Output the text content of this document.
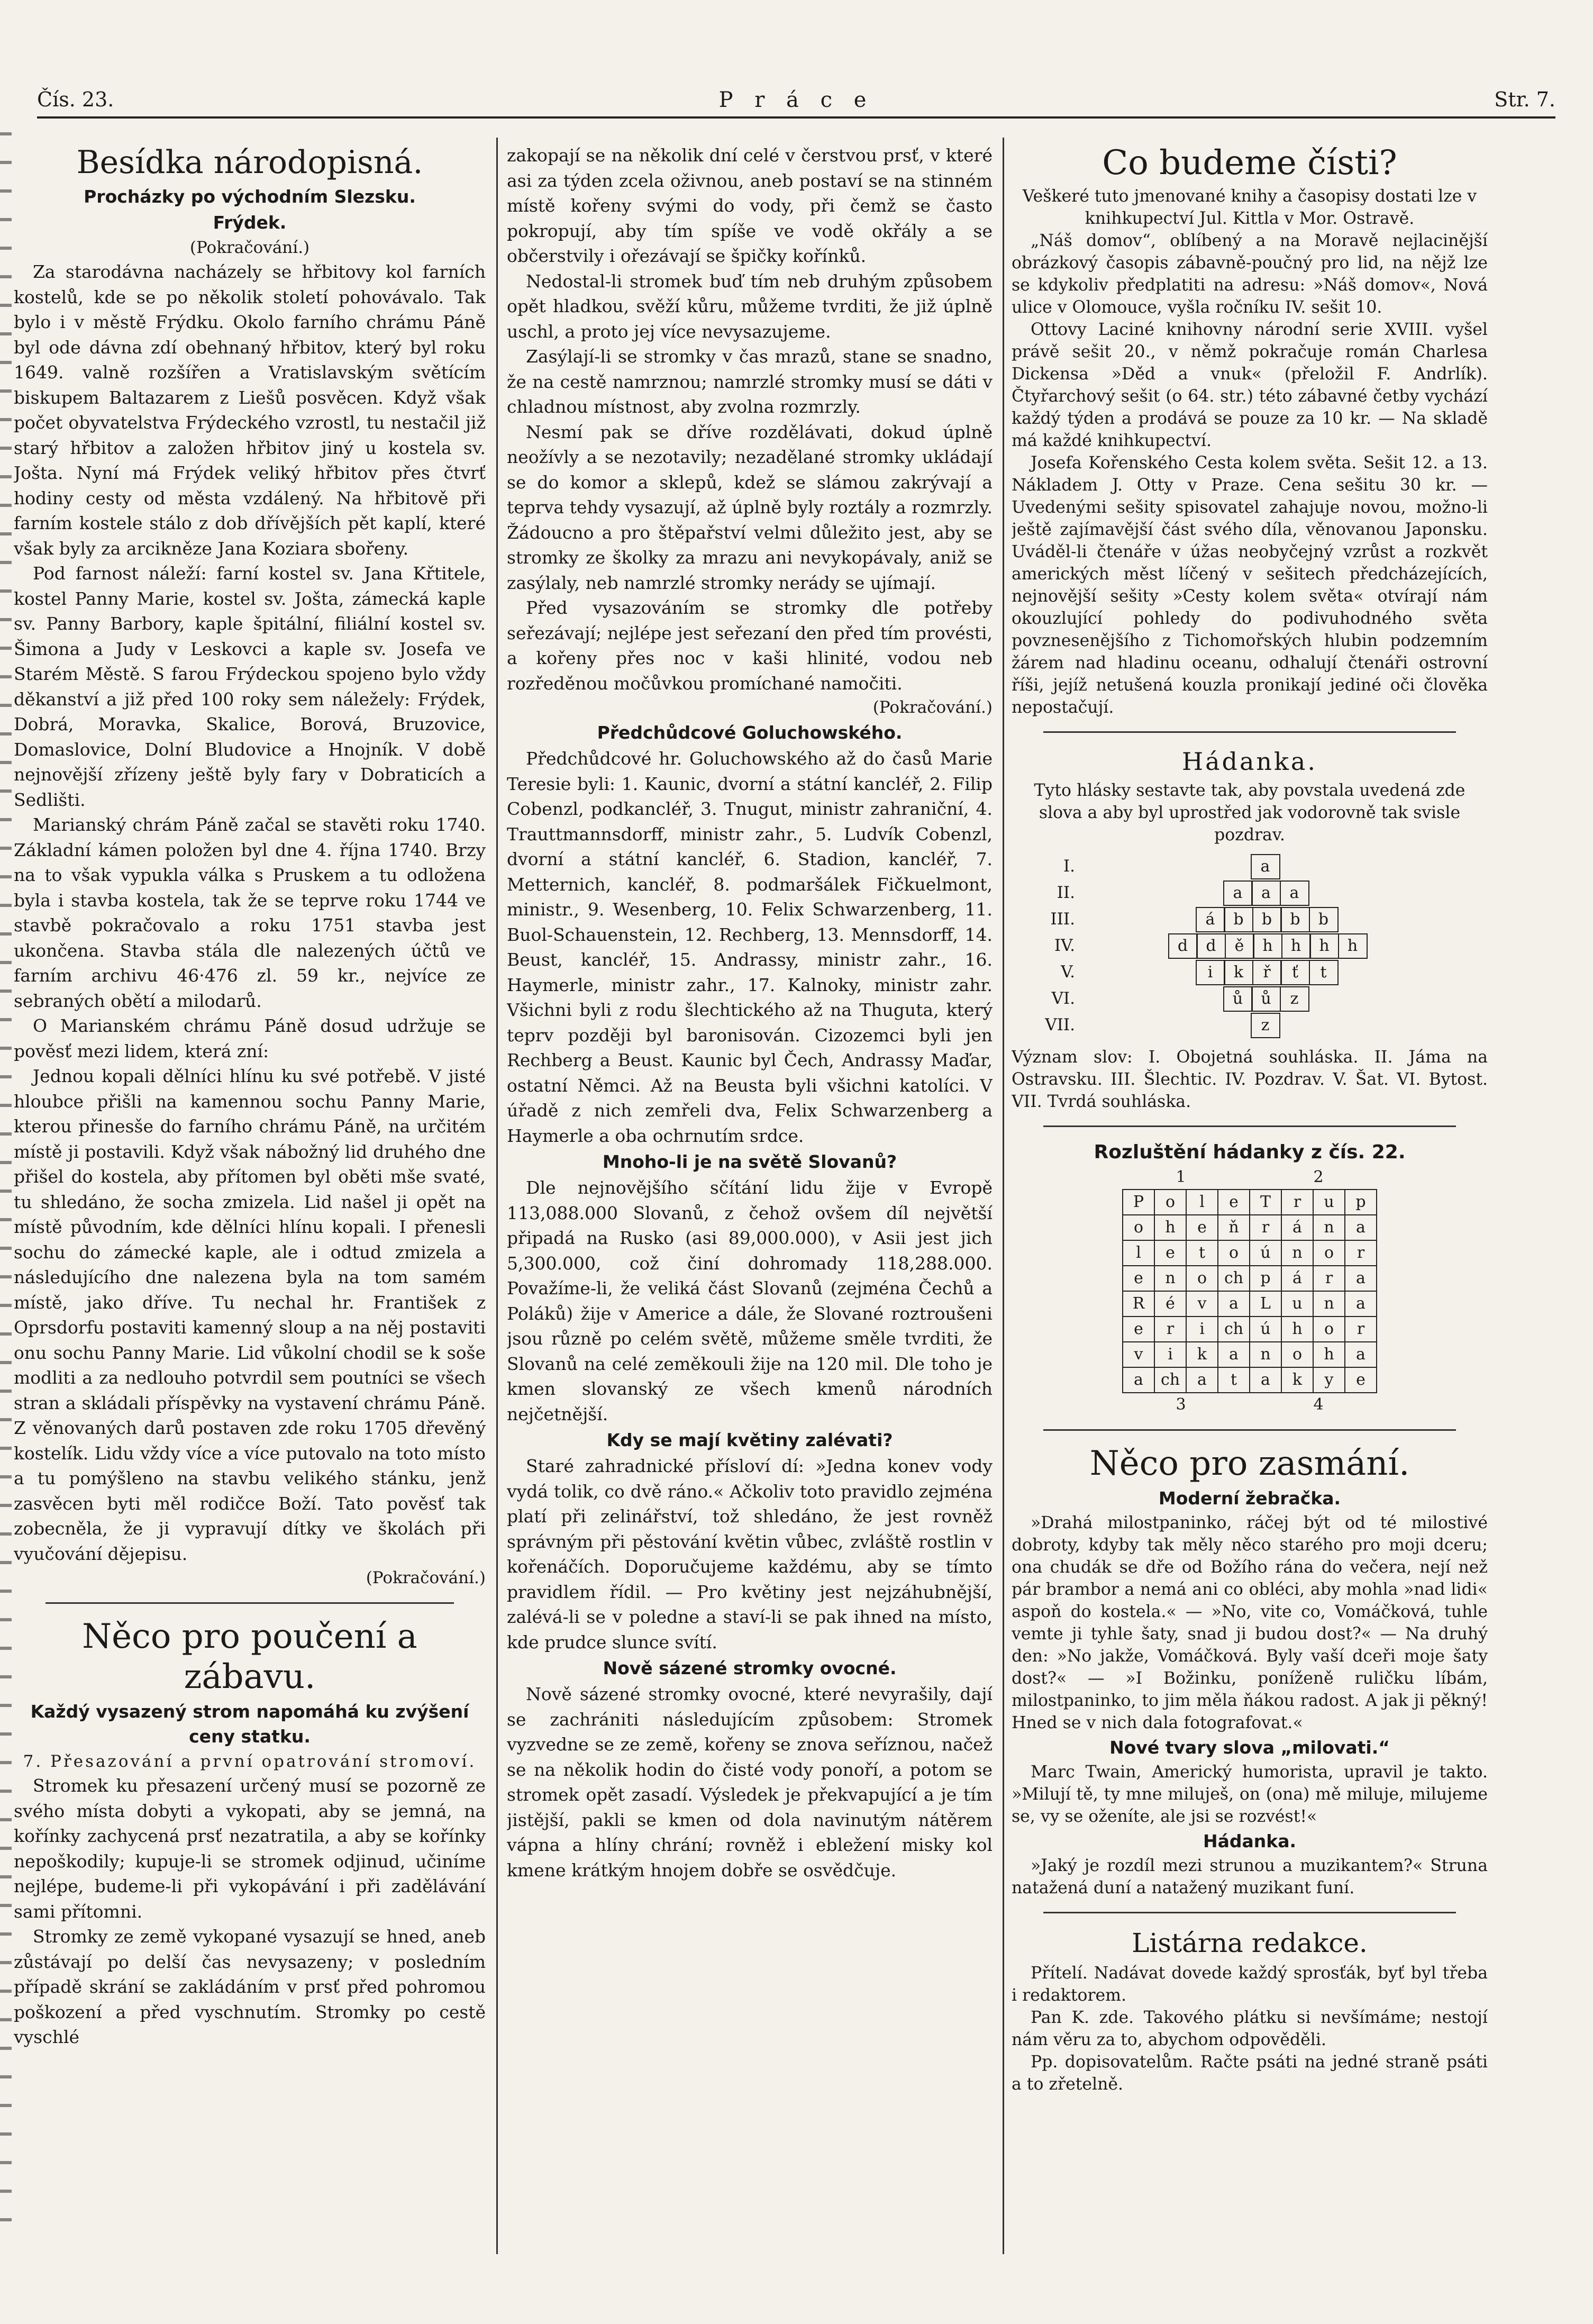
Čís. 23.	P r á c e	Str. 7.
Besídka národopisná.
Procházky po východním Slezsku.
Frýdek.
(Pokračování.)

Za starodávna nacházely se hřbitovy kol farních kostelů, kde se po několik století pohovávalo. Tak bylo i v městě Frýdku. Okolo farního chrámu Páně byl ode dávna zdí obehnaný hřbitov, který byl roku 1649. valně rozšířen a Vratislavským světícím biskupem Baltazarem z Liešů posvěcen. Když však počet obyvatelstva Frýdeckého vzrostl, tu nestačil již starý hřbitov a založen hřbitov jiný u kostela sv. Jošta. Nyní má Frýdek veliký hřbitov přes čtvrť hodiny cesty od města vzdálený. Na hřbitově při farním kostele stálo z dob dřívějších pět kaplí, které však byly za arcikněze Jana Koziara sbořeny.

Pod farnost náleží: farní kostel sv. Jana Křtitele, kostel Panny Marie, kostel sv. Jošta, zámecká kaple sv. Panny Barbory, kaple špitální, filiální kostel sv. Šimona a Judy v Leskovci a kaple sv. Josefa ve Starém Městě. S farou Frýdeckou spojeno bylo vždy děkanství a již před 100 roky sem náležely: Frýdek, Dobrá, Moravka, Skalice, Borová, Bruzovice, Domaslovice, Dolní Bludovice a Hnojník. V době nejnovější zřízeny ještě byly fary v Dobraticích a Sedlišti.

Marianský chrám Páně začal se stavěti roku 1740. Základní kámen položen byl dne 4. října 1740. Brzy na to však vypukla válka s Pruskem a tu odložena byla i stavba kostela, tak že se teprve roku 1744 ve stavbě pokračovalo a roku 1751 stavba jest ukončena. Stavba stála dle nalezených účtů ve farním archivu 46·476 zl. 59 kr., nejvíce ze sebraných obětí a milodarů.

O Marianském chrámu Páně dosud udržuje se pověsť mezi lidem, která zní:

Jednou kopali dělníci hlínu ku své potřebě. V jisté hloubce přišli na kamennou sochu Panny Marie, kterou přinesše do farního chrámu Páně, na určitém místě ji postavili. Když však nábožný lid druhého dne přišel do kostela, aby přítomen byl oběti mše svaté, tu shledáno, že socha zmizela. Lid našel ji opět na místě původním, kde dělníci hlínu kopali. I přenesli sochu do zámecké kaple, ale i odtud zmizela a následujícího dne nalezena byla na tom samém místě, jako dříve. Tu nechal hr. František z Oprsdorfu postaviti kamenný sloup a na něj postaviti onu sochu Panny Marie. Lid vůkolní chodil se k soše modliti a za nedlouho potvrdil sem poutníci se všech stran a skládali příspěvky na vystavení chrámu Páně. Z věnovaných darů postaven zde roku 1705 dřevěný kostelík. Lidu vždy více a více putovalo na toto místo a tu pomýšleno na stavbu velikého stánku, jenž zasvěcen byti měl rodičce Boží. Tato pověsť tak zobecněla, že ji vypravují dítky ve školách při vyučování dějepisu.

(Pokračování.)
Něco pro poučení a zábavu.
Každý vysazený strom napomáhá ku zvýšení ceny statku.
7. Přesazování a první opatrování stromoví.

Stromek ku přesazení určený musí se pozorně ze svého místa dobyti a vykopati, aby se jemná, na kořínky zachycená prsť nezatratila, a aby se kořínky nepoškodily; kupuje-li se stromek odjinud, učiníme nejlépe, budeme-li při vykopávání i při zadělávání sami přítomni.

Stromky ze země vykopané vysazují se hned, aneb zůstávají po delší čas nevysazeny; v posledním případě skrání se zakládáním v prsť před pohromou poškození a před vyschnutím. Stromky po cestě vyschlé

zakopají se na několik dní celé v čerstvou prsť, v které asi za týden zcela oživnou, aneb postaví se na stinném místě kořeny svými do vody, při čemž se často pokropují, aby tím spíše ve vodě okřály a se občerstvily i ořezávají se špičky kořínků.

Nedostal-li stromek buď tím neb druhým způsobem opět hladkou, svěží kůru, můžeme tvrditi, že již úplně uschl, a proto jej více nevysazujeme.

Zasýlají-li se stromky v čas mrazů, stane se snadno, že na cestě namrznou; namrzlé stromky musí se dáti v chladnou místnost, aby zvolna rozmrzly.

Nesmí pak se dříve rozdělávati, dokud úplně neožívly a se nezotavily; nezadělané stromky ukládají se do komor a sklepů, kdež se slámou zakrývají a teprva tehdy vysazují, až úplně byly roztály a rozmrzly. Žádoucno a pro štěpařství velmi důležito jest, aby se stromky ze školky za mrazu ani nevykopávaly, aniž se zasýlaly, neb namrzlé stromky nerády se ujímají.

Před vysazováním se stromky dle potřeby seřezávají; nejlépe jest seřezaní den před tím provésti, a kořeny přes noc v kaši hlinité, vodou neb rozředěnou močůvkou promíchané namočiti.

(Pokračování.)
Předchůdcové Goluchowského.

Předchůdcové hr. Goluchowského až do časů Marie Teresie byli: 1. Kaunic, dvorní a státní kancléř, 2. Filip Cobenzl, podkancléř, 3. Tnugut, ministr zahraniční, 4. Trauttmannsdorff, ministr zahr., 5. Ludvík Cobenzl, dvorní a státní kancléř, 6. Stadion, kancléř, 7. Metternich, kancléř, 8. podmaršálek Fičkuelmont, ministr., 9. Wesenberg, 10. Felix Schwarzenberg, 11. Buol-Schauenstein, 12. Rechberg, 13. Mennsdorff, 14. Beust, kancléř, 15. Andrassy, ministr zahr., 16. Haymerle, ministr zahr., 17. Kalnoky, ministr zahr. Všichni byli z rodu šlechtického až na Thuguta, který teprv později byl baronisován. Cizozemci byli jen Rechberg a Beust. Kaunic byl Čech, Andrassy Maďar, ostatní Němci. Až na Beusta byli všichni katolíci. V úřadě z nich zemřeli dva, Felix Schwarzenberg a Haymerle a oba ochrnutím srdce.

Mnoho-li je na světě Slovanů?

Dle nejnovějšího sčítání lidu žije v Evropě 113,088.000 Slovanů, z čehož ovšem díl největší připadá na Rusko (asi 89,000.000), v Asii jest jich 5,300.000, což činí dohromady 118,288.000. Považíme-li, že veliká část Slovanů (zejména Čechů a Poláků) žije v Americe a dále, že Slované roztroušeni jsou různě po celém světě, můžeme směle tvrditi, že Slovanů na celé zeměkouli žije na 120 mil. Dle toho je kmen slovanský ze všech kmenů národních nejčetnější.

Kdy se mají květiny zalévati?

Staré zahradnické přísloví dí: »Jedna konev vody vydá tolik, co dvě ráno.« Ačkoliv toto pravidlo zejména platí při zelinářství, tož shledáno, že jest rovněž správným při pěstování květin vůbec, zvláště rostlin v kořenáčích. Doporučujeme každému, aby se tímto pravidlem řídil. — Pro květiny jest nejzáhubnější, zalévá-li se v poledne a staví-li se pak ihned na místo, kde prudce slunce svítí.

Nově sázené stromky ovocné.

Nově sázené stromky ovocné, které nevyrašily, dají se zachrániti následujícím způsobem: Stromek vyzvedne se ze země, kořeny se znova seříznou, načež se na několik hodin do čisté vody ponoří, a potom se stromek opět zasadí. Výsledek je překvapující a je tím jistější, pakli se kmen od dola navinutým nátěrem vápna a hlíny chrání; rovněž i ebležení misky kol kmene krátkým hnojem dobře se osvědčuje.

Co budeme čísti?

Veškeré tuto jmenované knihy a časopisy dostati lze v knihkupectví Jul. Kittla v Mor. Ostravě.

„Náš domov“, oblíbený a na Moravě nejlacinější obrázkový časopis zábavně-poučný pro lid, na nějž lze se kdykoliv předplatiti na adresu: »Náš domov«, Nová ulice v Olomouce, vyšla ročníku IV. sešit 10.

Ottovy Laciné knihovny národní serie XVIII. vyšel právě sešit 20., v němž pokračuje román Charlesa Dickensa »Děd a vnuk« (přeložil F. Andrlík). Čtyřarchový sešit (o 64. str.) této zábavné četby vychází každý týden a prodává se pouze za 10 kr. — Na skladě má každé knihkupectví.

Josefa Kořenského Cesta kolem světa. Sešit 12. a 13. Nákladem J. Otty v Praze. Cena sešitu 30 kr. — Uvedenými sešity spisovatel zahajuje novou, možno-li ještě zajímavější část svého díla, věnovanou Japonsku. Uváděl-li čtenáře v úžas neobyčejný vzrůst a rozkvět amerických měst líčený v sešitech předcházejících, nejnovější sešity »Cesty kolem světa« otvírají nám okouzlující pohledy do podivuhodného světa povznesenějšího z Tichomořských hlubin podzemním žárem nad hladinu oceanu, odhalují čtenáři ostrovní říši, jejíž netušená kouzla pronikají jediné oči člověka nepostačují.

Hádanka.

Tyto hlásky sestavte tak, aby povstala uvedená zde slova a aby byl uprostřed jak vodorovně tak svisle pozdrav.

I.	a
II.	a	a	a
III.	á	b	b	b	b
IV.	d	d	ě	h	h	h	h
V.	i	k	ř	ť	t
VI.	ů	ů	z
VII.	z

Význam slov: I. Obojetná souhláska. II. Jáma na Ostravsku. III. Šlechtic. IV. Pozdrav. V. Šat. VI. Bytost. VII. Tvrdá souhláska.

Rozluštění hádanky z čís. 22.
1	2
P	o	l	e	T	r	u	p
o	h	e	ň	r	á	n	a
l	e	t	o	ú	n	o	r
e	n	o	ch	p	á	r	a
R	é	v	a	L	u	n	a
e	r	i	ch	ú	h	o	r
v	i	k	a	n	o	h	a
a	ch	a	t	a	k	y	e
3	4
Něco pro zasmání.
Moderní žebračka.

»Drahá milostpaninko, ráčej být od té milostivé dobroty, kdyby tak měly něco starého pro moji dceru; ona chudák se dře od Božího rána do večera, nejí než pár brambor a nemá ani co obléci, aby mohla »nad lidi« aspoň do kostela.« — »No, vite co, Vomáčková, tuhle vemte ji tyhle šaty, snad ji budou dost?« — Na druhý den: »No jakže, Vomáčková. Byly vaší dceři moje šaty dost?« — »I Božinku, poníženě ruličku líbám, milostpaninko, to jim měla ňákou radost. A jak ji pěkný! Hned se v nich dala fotografovat.«

Nové tvary slova „milovati.“

Marc Twain, Americký humorista, upravil je takto. »Milují tě, ty mne miluješ, on (ona) mě miluje, milujeme se, vy se oženíte, ale jsi se rozvést!«

Hádanka.

»Jaký je rozdíl mezi strunou a muzikantem?« Struna natažená duní a natažený muzikant funí.

Listárna redakce.

Přítelí. Nadávat dovede každý sprosťák, byť byl třeba i redaktorem.

Pan K. zde. Takového plátku si nevšímáme; nestojí nám věru za to, abychom odpověděli.

Pp. dopisovatelům. Račte psáti na jedné straně psáti a to zřetelně.
